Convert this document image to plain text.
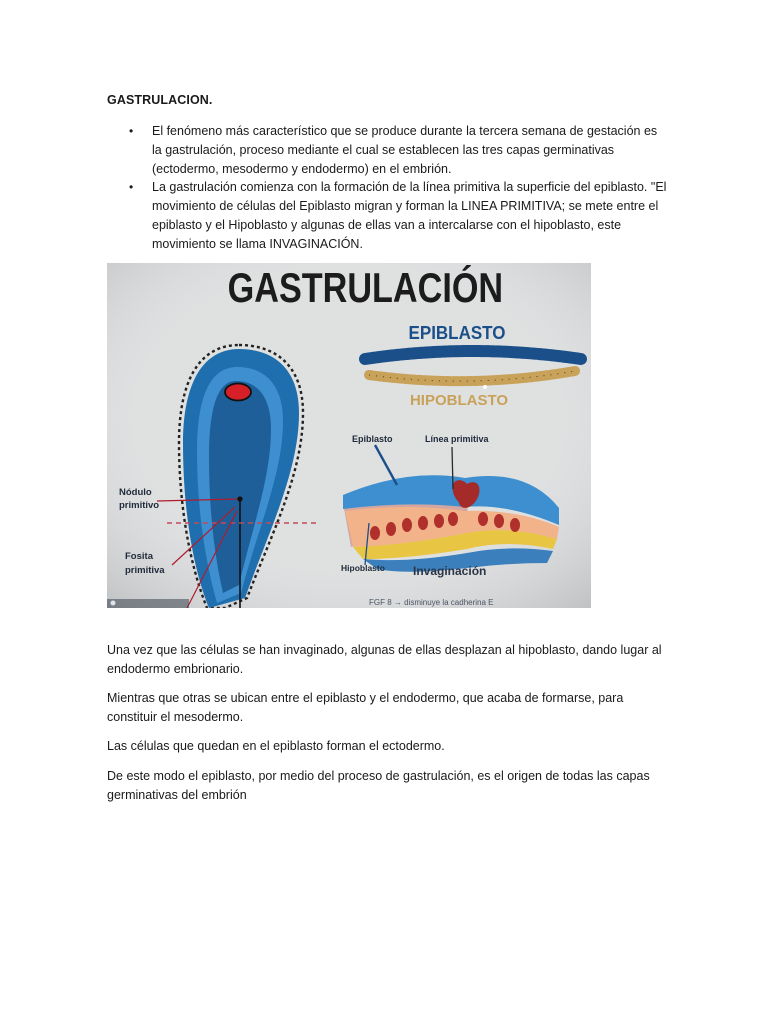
GASTRULACION.
• El fenómeno más característico que se produce durante la tercera semana de gestación es la gastrulación, proceso mediante el cual se establecen las tres capas germinativas (ectodermo, mesodermo y endodermo) en el embrión.
• La gastrulación comienza con la formación de la línea primitiva la superficie del epiblasto. "El movimiento de células del Epiblasto migran y forman la LINEA PRIMITIVA; se mete entre el epiblasto y el Hipoblasto y algunas de ellas van a intercalarse con el hipoblasto, este movimiento se llama INVAGINACIÓN.
GASTRULACIÓN
Nódulo
primitivo
Fosita
primitiva
EPIBLASTO
HIPOBLASTO
Epiblasto	Línea primitiva
Hipoblasto Invaginación
FGF 8 → disminuye la cadherina E

Una vez que las células se han invaginado, algunas de ellas desplazan al hipoblasto, dando lugar al endodermo embrionario.

Mientras que otras se ubican entre el epiblasto y el endodermo, que acaba de formarse, para constituir el mesodermo.

Las células que quedan en el epiblasto forman el ectodermo.

De este modo el epiblasto, por medio del proceso de gastrulación, es el origen de todas las capas germinativas del embrión
